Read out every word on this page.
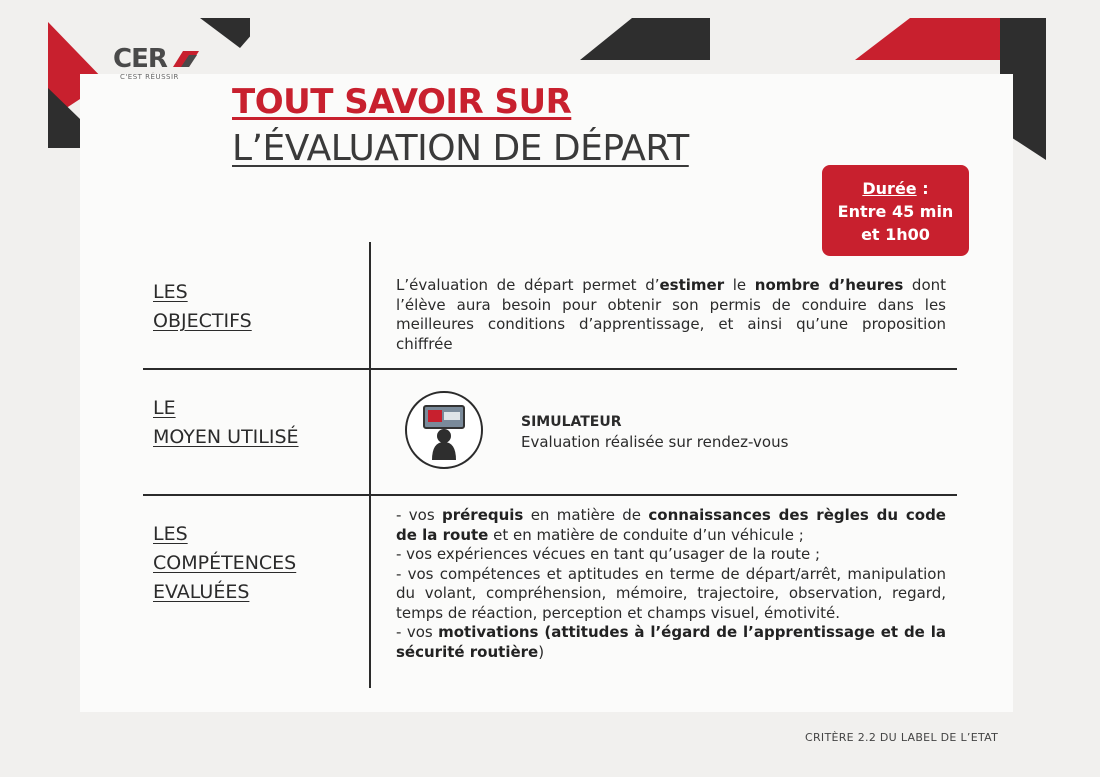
CER
C'EST RÉUSSIR
TOUT SAVOIR SUR
L’ÉVALUATION DE DÉPART
Durée :
Entre 45 min
et 1h00
LES
OBJECTIFS
L’évaluation de départ permet d’estimer le nombre d’heures dont l’élève aura besoin pour obtenir son permis de conduire dans les meilleures conditions d’apprentissage, et ainsi qu’une proposition chiffrée
LE
MOYEN UTILISÉ
SIMULATEUR
Evaluation réalisée sur rendez-vous
LES
COMPÉTENCES
EVALUÉES
- vos prérequis en matière de connaissances des règles du code de la route et en matière de conduite d’un véhicule ;
- vos expériences vécues en tant qu’usager de la route ;
- vos compétences et aptitudes en terme de départ/arrêt, manipulation du volant, compréhension, mémoire, trajectoire, observation, regard, temps de réaction, perception et champs visuel, émotivité.
- vos motivations (attitudes à l’égard de l’apprentissage et de la sécurité routière)
CRITÈRE 2.2 DU LABEL DE L’ETAT
